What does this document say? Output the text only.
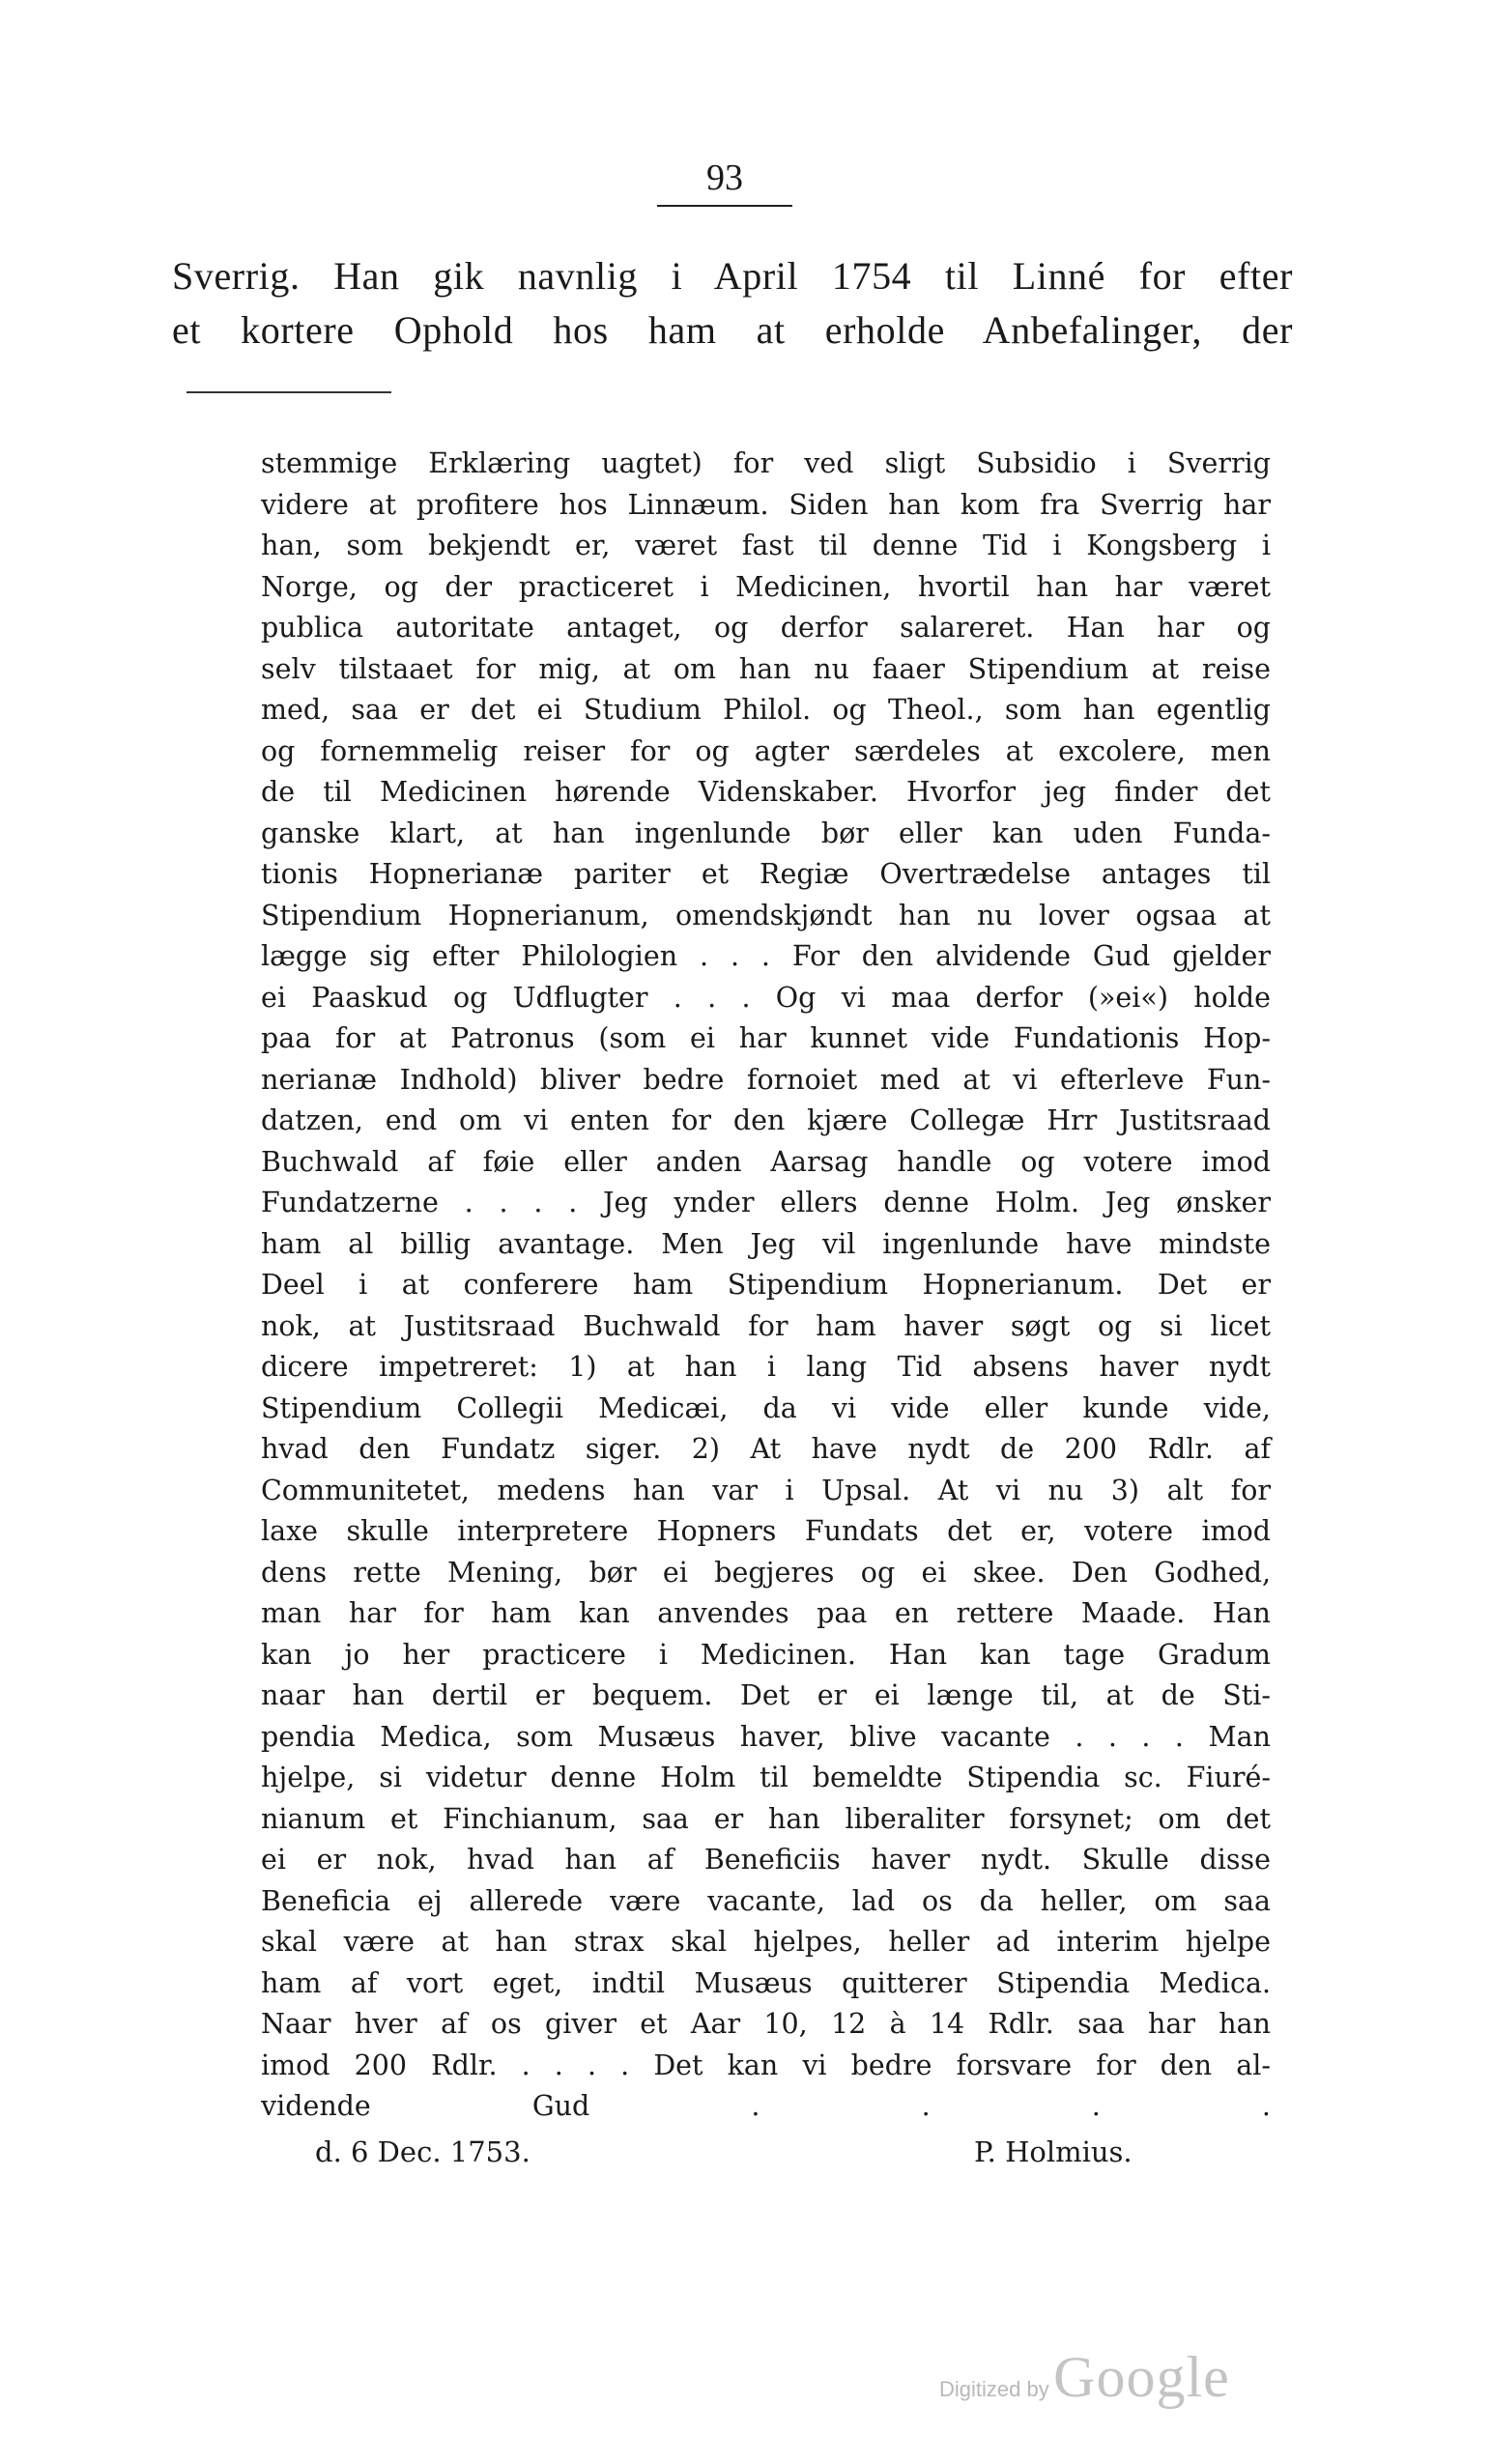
93
Sverrig. Han gik navnlig i April 1754 til Linné for efter
et kortere Ophold hos ham at erholde Anbefalinger, der
stemmige Erklæring uagtet) for ved sligt Subsidio i Sverrig
videre at profitere hos Linnæum. Siden han kom fra Sverrig har
han, som bekjendt er, været fast til denne Tid i Kongsberg i
Norge, og der practiceret i Medicinen, hvortil han har været
publica autoritate antaget, og derfor salareret. Han har og
selv tilstaaet for mig, at om han nu faaer Stipendium at reise
med, saa er det ei Studium Philol. og Theol., som han egentlig
og fornemmelig reiser for og agter særdeles at excolere, men
de til Medicinen hørende Videnskaber. Hvorfor jeg finder det
ganske klart, at han ingenlunde bør eller kan uden Funda-
tionis Hopnerianæ pariter et Regiæ Overtrædelse antages til
Stipendium Hopnerianum, omendskjøndt han nu lover ogsaa at
lægge sig efter Philologien . . . For den alvidende Gud gjelder
ei Paaskud og Udflugter . . . Og vi maa derfor (»ei«) holde
paa for at Patronus (som ei har kunnet vide Fundationis Hop-
nerianæ Indhold) bliver bedre fornoiet med at vi efterleve Fun-
datzen, end om vi enten for den kjære Collegæ Hrr Justitsraad
Buchwald af føie eller anden Aarsag handle og votere imod
Fundatzerne . . . . Jeg ynder ellers denne Holm. Jeg ønsker
ham al billig avantage. Men Jeg vil ingenlunde have mindste
Deel i at conferere ham Stipendium Hopnerianum. Det er
nok, at Justitsraad Buchwald for ham haver søgt og si licet
dicere impetreret: 1) at han i lang Tid absens haver nydt
Stipendium Collegii Medicæi, da vi vide eller kunde vide,
hvad den Fundatz siger. 2) At have nydt de 200 Rdlr. af
Communitetet, medens han var i Upsal. At vi nu 3) alt for
laxe skulle interpretere Hopners Fundats det er, votere imod
dens rette Mening, bør ei begjeres og ei skee. Den Godhed,
man har for ham kan anvendes paa en rettere Maade. Han
kan jo her practicere i Medicinen. Han kan tage Gradum
naar han dertil er bequem. Det er ei længe til, at de Sti-
pendia Medica, som Musæus haver, blive vacante . . . . Man
hjelpe, si videtur denne Holm til bemeldte Stipendia sc. Fiuré-
nianum et Finchianum, saa er han liberaliter forsynet; om det
ei er nok, hvad han af Beneficiis haver nydt. Skulle disse
Beneficia ej allerede være vacante, lad os da heller, om saa
skal være at han strax skal hjelpes, heller ad interim hjelpe
ham af vort eget, indtil Musæus quitterer Stipendia Medica.
Naar hver af os giver et Aar 10, 12 à 14 Rdlr. saa har han
imod 200 Rdlr. . . . . Det kan vi bedre forsvare for den al-
vidende Gud . . . .
d. 6 Dec. 1753.	P. Holmius.
Digitized by Google
